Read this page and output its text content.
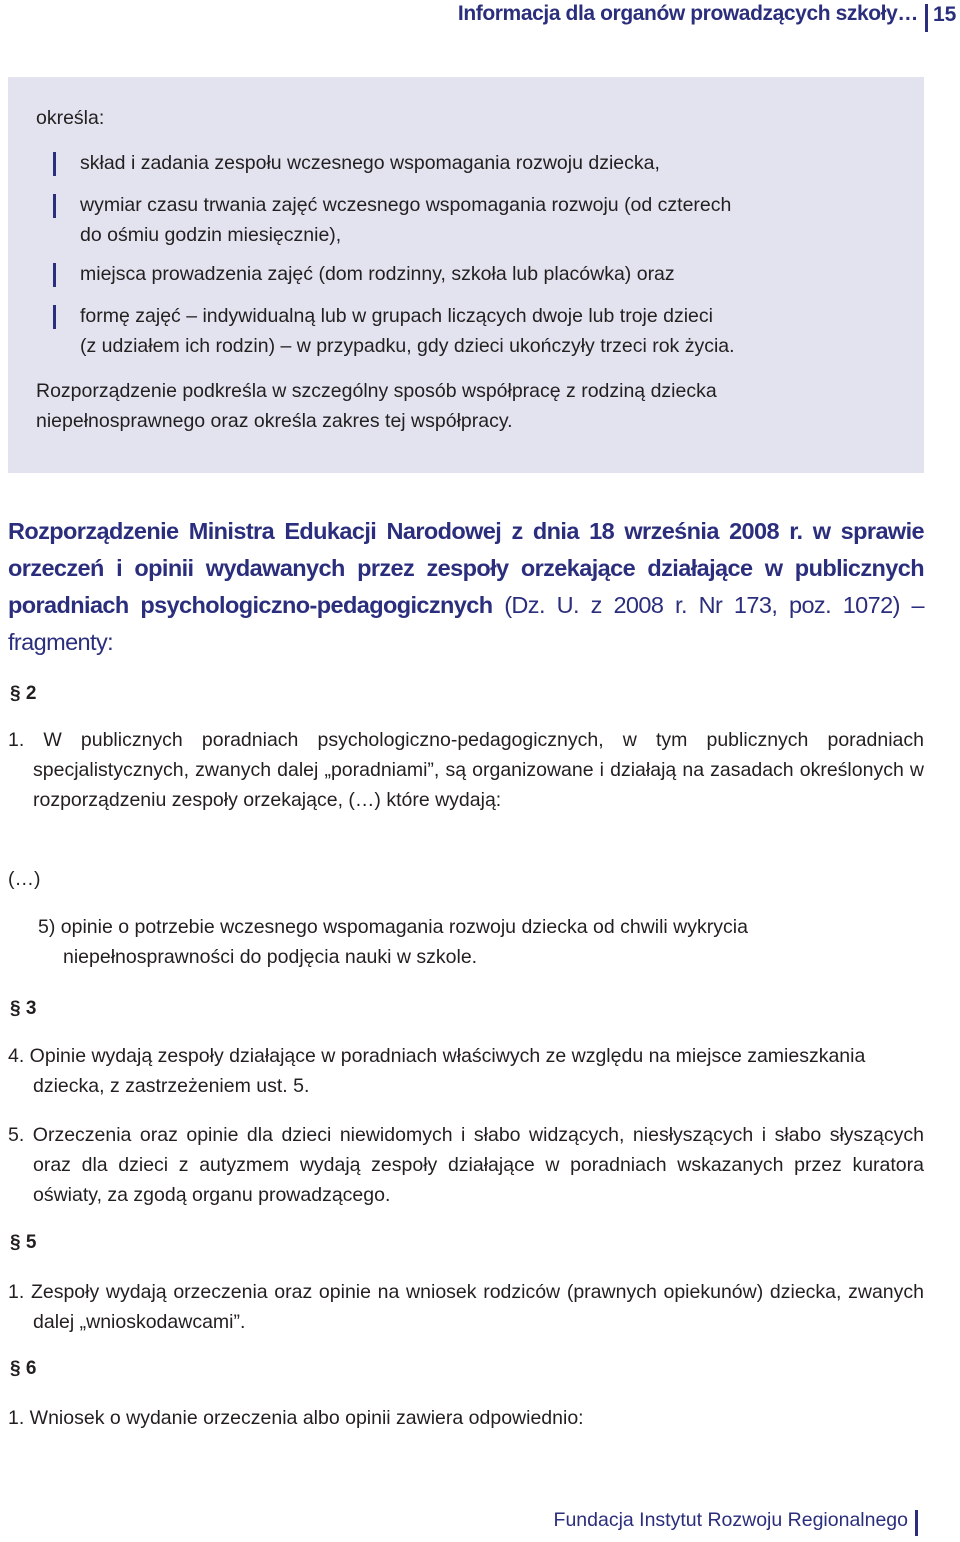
Informacja dla organów prowadzących szkoły… 15
określa:
skład i zadania zespołu wczesnego wspomagania rozwoju dziecka,
wymiar czasu trwania zajęć wczesnego wspomagania rozwoju (od czterech
do ośmiu godzin miesięcznie),
miejsca prowadzenia zajęć (dom rodzinny, szkoła lub placówka) oraz
formę zajęć – indywidualną lub w grupach liczących dwoje lub troje dzieci
(z udziałem ich rodzin) – w przypadku, gdy dzieci ukończyły trzeci rok życia.
Rozporządzenie podkreśla w szczególny sposób współpracę z rodziną dziecka
niepełnosprawnego oraz określa zakres tej współpracy.
Rozporządzenie Ministra Edukacji Narodowej z dnia 18 września 2008 r. w sprawie orzeczeń i opinii wydawanych przez zespoły orzekające działające w publicznych poradniach psychologiczno-pedagogicznych (Dz. U. z 2008 r. Nr 173, poz. 1072) – fragmenty:
§ 2
1. W publicznych poradniach psychologiczno-pedagogicznych, w tym publicznych poradniach specjalistycznych, zwanych dalej „poradniami”, są organizowane i działają na zasadach określonych w rozporządzeniu zespoły orzekające, (…) które wydają:
(…)
5) opinie o potrzebie wczesnego wspomagania rozwoju dziecka od chwili wykrycia niepełnosprawności do podjęcia nauki w szkole.
§ 3
4. Opinie wydają zespoły działające w poradniach właściwych ze względu na miejsce zamieszkania dziecka, z zastrzeżeniem ust. 5.
5. Orzeczenia oraz opinie dla dzieci niewidomych i słabo widzących, niesłyszących i słabo słyszących oraz dla dzieci z autyzmem wydają zespoły działające w poradniach wskazanych przez kuratora oświaty, za zgodą organu prowadzącego.
§ 5
1. Zespoły wydają orzeczenia oraz opinie na wniosek rodziców (prawnych opiekunów) dziecka, zwanych dalej „wnioskodawcami”.
§ 6
1. Wniosek o wydanie orzeczenia albo opinii zawiera odpowiednio:
Fundacja Instytut Rozwoju Regionalnego
